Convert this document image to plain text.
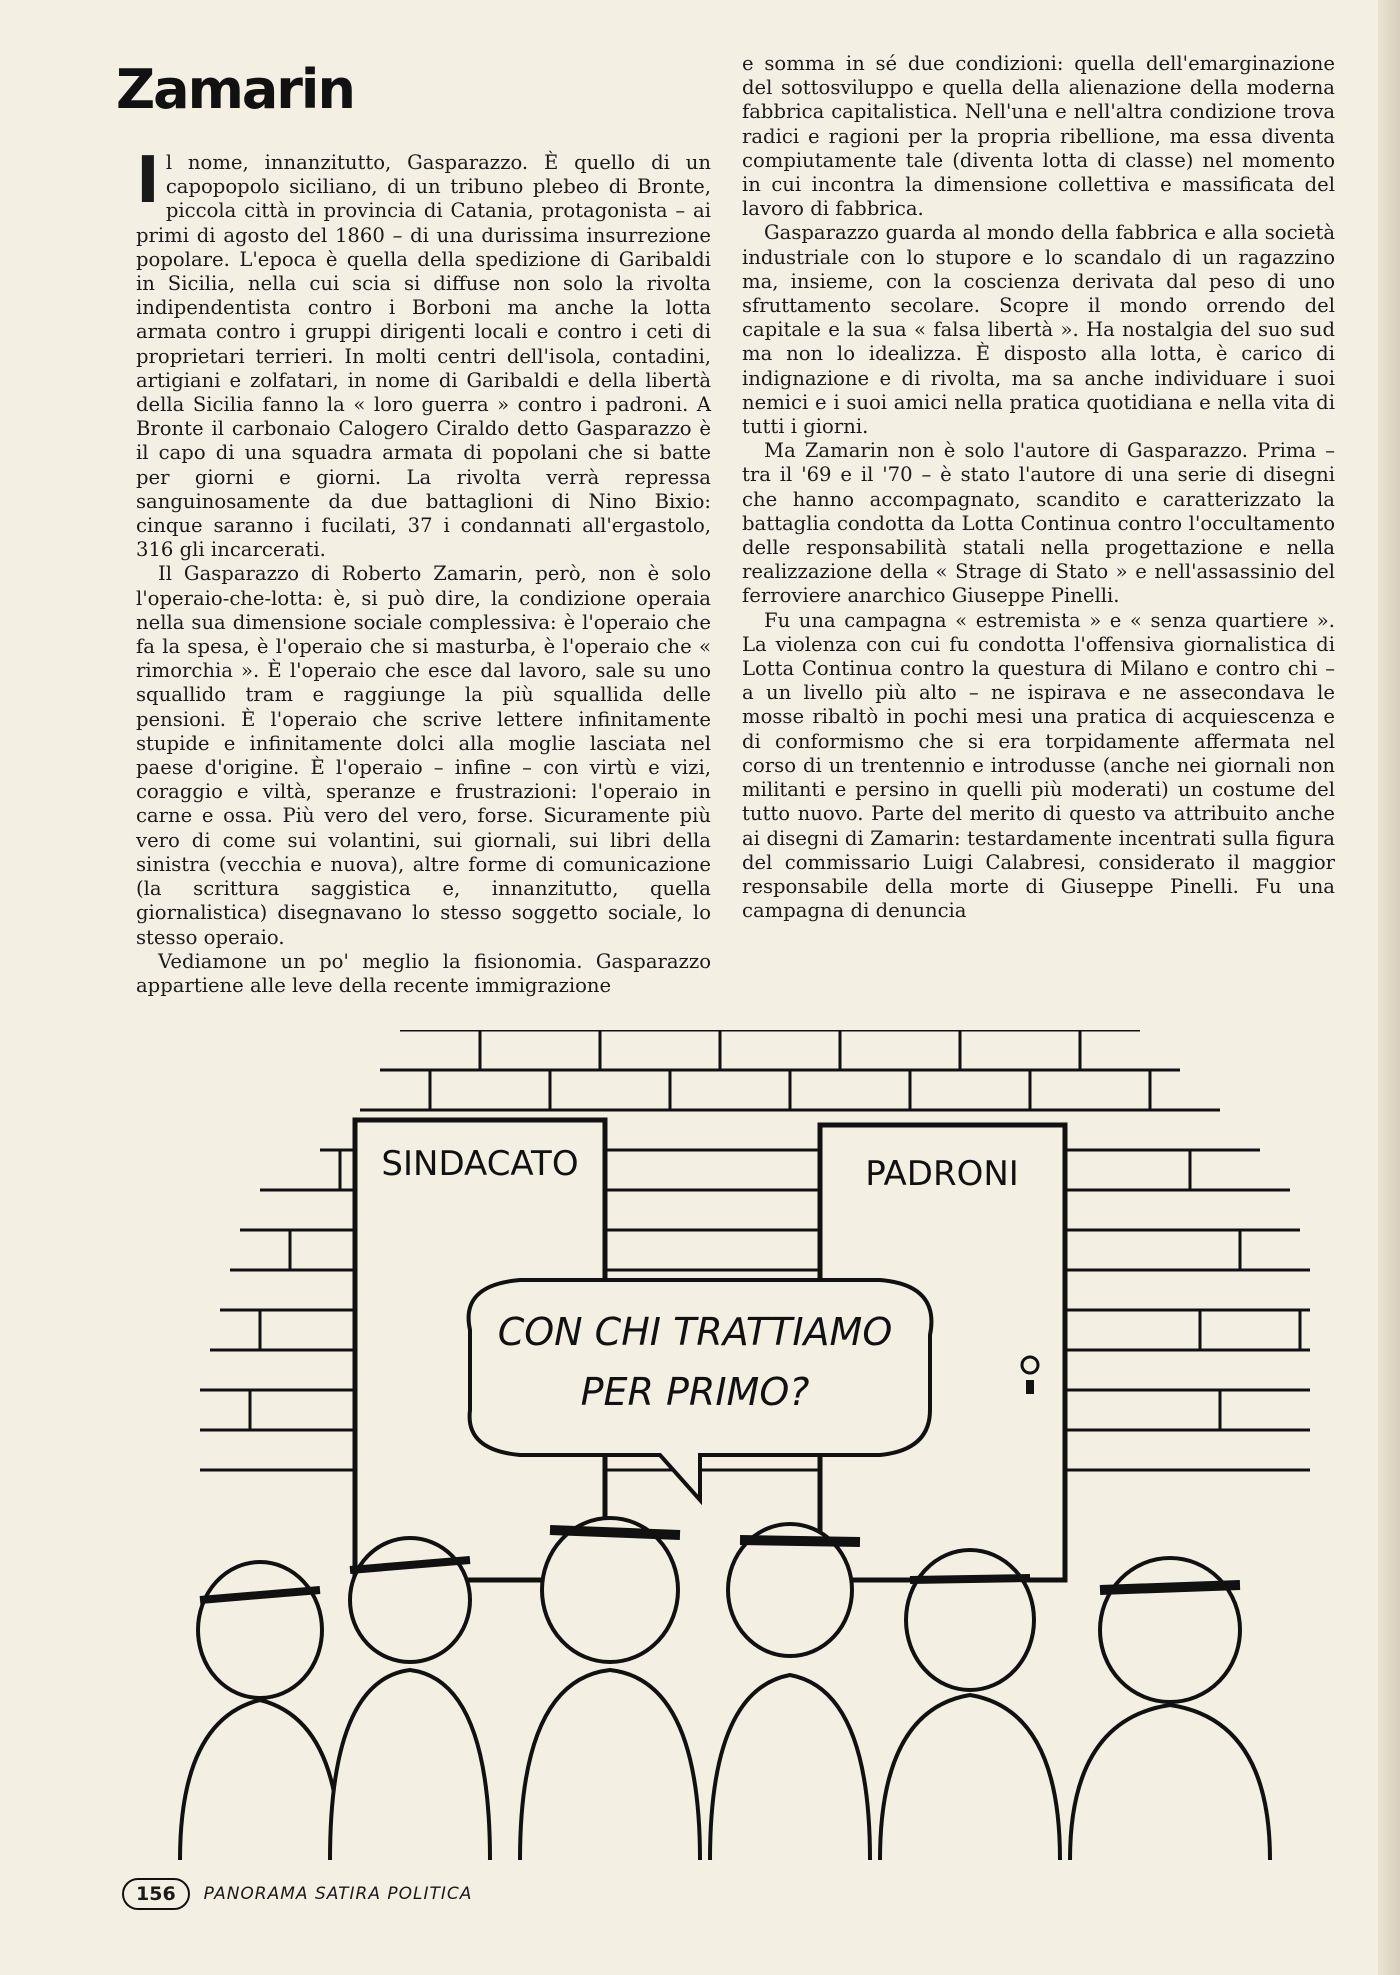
Zamarin

Il nome, innanzitutto, Gasparazzo. È quello di un capopopolo siciliano, di un tribuno plebeo di Bronte, piccola città in provincia di Catania, protagonista – ai primi di agosto del 1860 – di una durissima insurrezione popolare. L'epoca è quella della spedizione di Garibaldi in Sicilia, nella cui scia si diffuse non solo la rivolta indipendentista contro i Borboni ma anche la lotta armata contro i gruppi dirigenti locali e contro i ceti di proprietari terrieri. In molti centri dell'isola, contadini, artigiani e zolfatari, in nome di Garibaldi e della libertà della Sicilia fanno la « loro guerra » contro i padroni. A Bronte il carbonaio Calogero Ciraldo detto Gasparazzo è il capo di una squadra armata di popolani che si batte per giorni e giorni. La rivolta verrà repressa sanguinosamente da due battaglioni di Nino Bixio: cinque saranno i fucilati, 37 i condannati all'ergastolo, 316 gli incarcerati.

Il Gasparazzo di Roberto Zamarin, però, non è solo l'operaio-che-lotta: è, si può dire, la condizione operaia nella sua dimensione sociale complessiva: è l'operaio che fa la spesa, è l'operaio che si masturba, è l'operaio che « rimorchia ». È l'operaio che esce dal lavoro, sale su uno squallido tram e raggiunge la più squallida delle pensioni. È l'operaio che scrive lettere infinitamente stupide e infinitamente dolci alla moglie lasciata nel paese d'origine. È l'operaio – infine – con virtù e vizi, coraggio e viltà, speranze e frustrazioni: l'operaio in carne e ossa. Più vero del vero, forse. Sicuramente più vero di come sui volantini, sui giornali, sui libri della sinistra (vecchia e nuova), altre forme di comunicazione (la scrittura saggistica e, innanzitutto, quella giornalistica) disegnavano lo stesso soggetto sociale, lo stesso operaio.

Vediamone un po' meglio la fisionomia. Gasparazzo appartiene alle leve della recente immigrazione

e somma in sé due condizioni: quella dell'emarginazione del sottosviluppo e quella della alienazione della moderna fabbrica capitalistica. Nell'una e nell'altra condizione trova radici e ragioni per la propria ribellione, ma essa diventa compiutamente tale (diventa lotta di classe) nel momento in cui incontra la dimensione collettiva e massificata del lavoro di fabbrica.

Gasparazzo guarda al mondo della fabbrica e alla società industriale con lo stupore e lo scandalo di un ragazzino ma, insieme, con la coscienza derivata dal peso di uno sfruttamento secolare. Scopre il mondo orrendo del capitale e la sua « falsa libertà ». Ha nostalgia del suo sud ma non lo idealizza. È disposto alla lotta, è carico di indignazione e di rivolta, ma sa anche individuare i suoi nemici e i suoi amici nella pratica quotidiana e nella vita di tutti i giorni.

Ma Zamarin non è solo l'autore di Gasparazzo. Prima – tra il '69 e il '70 – è stato l'autore di una serie di disegni che hanno accompagnato, scandito e caratterizzato la battaglia condotta da Lotta Continua contro l'occultamento delle responsabilità statali nella progettazione e nella realizzazione della « Strage di Stato » e nell'assassinio del ferroviere anarchico Giuseppe Pinelli.

Fu una campagna « estremista » e « senza quartiere ». La violenza con cui fu condotta l'offensiva giornalistica di Lotta Continua contro la questura di Milano e contro chi – a un livello più alto – ne ispirava e ne assecondava le mosse ribaltò in pochi mesi una pratica di acquiescenza e di conformismo che si era torpidamente affermata nel corso di un trentennio e introdusse (anche nei giornali non militanti e persino in quelli più moderati) un costume del tutto nuovo. Parte del merito di questo va attribuito anche ai disegni di Zamarin: testardamente incentrati sulla figura del commissario Luigi Calabresi, considerato il maggior responsabile della morte di Giuseppe Pinelli. Fu una campagna di denuncia

SINDACATO	PADRONI
CON CHI TRATTIAMO
PER PRIMO?
156	PANORAMA SATIRA POLITICA
